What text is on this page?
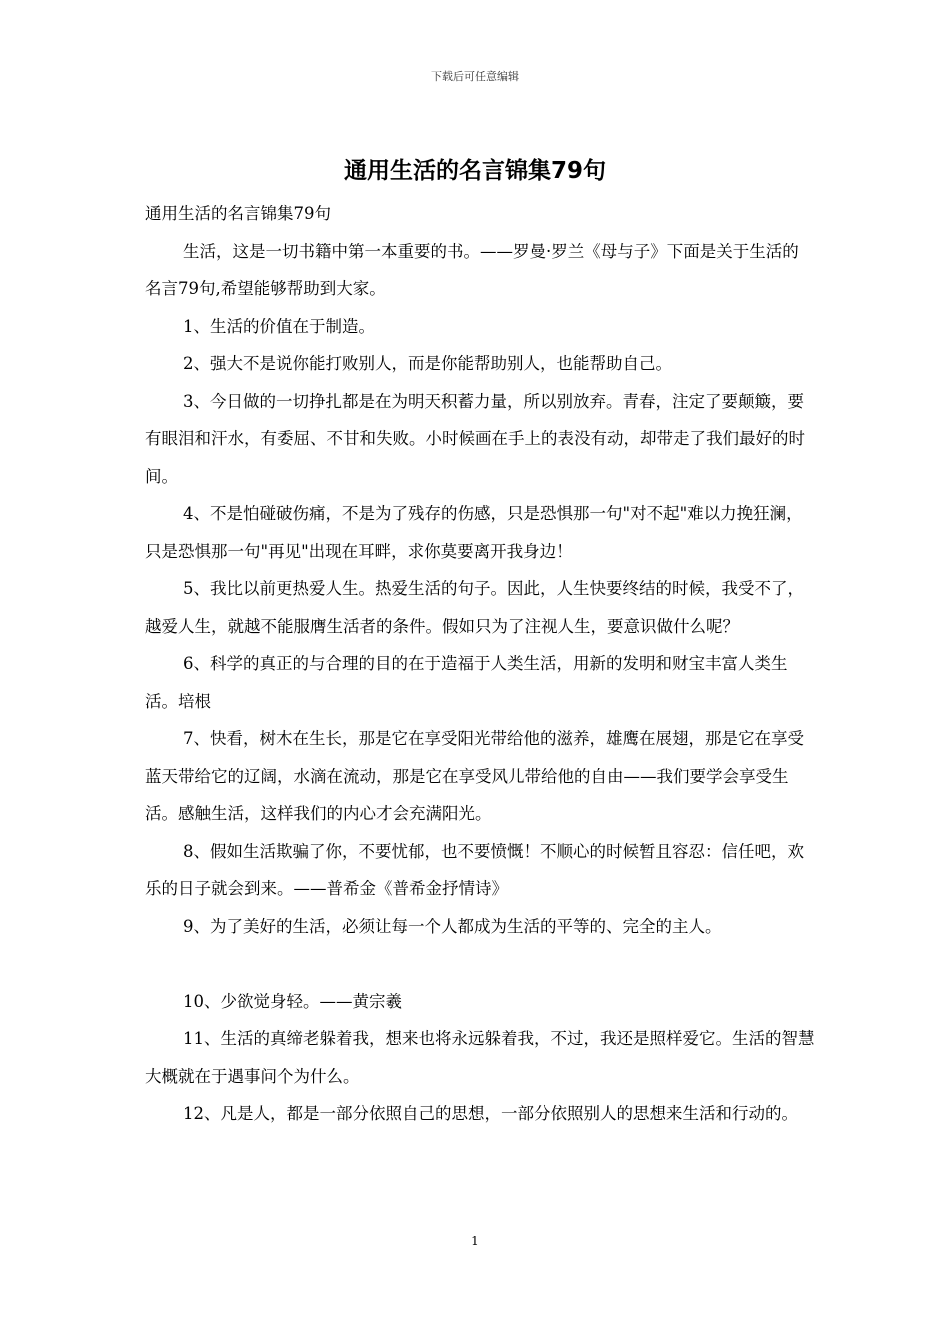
下载后可任意编辑
通用生活的名言锦集79句

通用生活的名言锦集79句

生活，这是一切书籍中第一本重要的书。——罗曼·罗兰《母与子》下面是关于生活的名言79句,希望能够帮助到大家。

1、生活的价值在于制造。

2、强大不是说你能打败别人，而是你能帮助别人，也能帮助自己。

3、今日做的一切挣扎都是在为明天积蓄力量，所以别放弃。青春，注定了要颠簸，要有眼泪和汗水，有委屈、不甘和失败。小时候画在手上的表没有动，却带走了我们最好的时间。

4、不是怕碰破伤痛，不是为了残存的伤感，只是恐惧那一句"对不起"难以力挽狂澜，只是恐惧那一句"再见"出现在耳畔，求你莫要离开我身边！

5、我比以前更热爱人生。热爱生活的句子。因此，人生快要终结的时候，我受不了，越爱人生，就越不能服膺生活者的条件。假如只为了注视人生，要意识做什么呢？

6、科学的真正的与合理的目的在于造福于人类生活，用新的发明和财宝丰富人类生活。培根

7、快看，树木在生长，那是它在享受阳光带给他的滋养，雄鹰在展翅，那是它在享受蓝天带给它的辽阔，水滴在流动，那是它在享受风儿带给他的自由——我们要学会享受生活。感触生活，这样我们的内心才会充满阳光。

8、假如生活欺骗了你，不要忧郁，也不要愤慨！不顺心的时候暂且容忍：信任吧，欢乐的日子就会到来。——普希金《普希金抒情诗》

9、为了美好的生活，必须让每一个人都成为生活的平等的、完全的主人。

10、少欲觉身轻。——黄宗羲

11、生活的真缔老躲着我，想来也将永远躲着我，不过，我还是照样爱它。生活的智慧大概就在于遇事问个为什么。

12、凡是人，都是一部分依照自己的思想，一部分依照别人的思想来生活和行动的。

1
